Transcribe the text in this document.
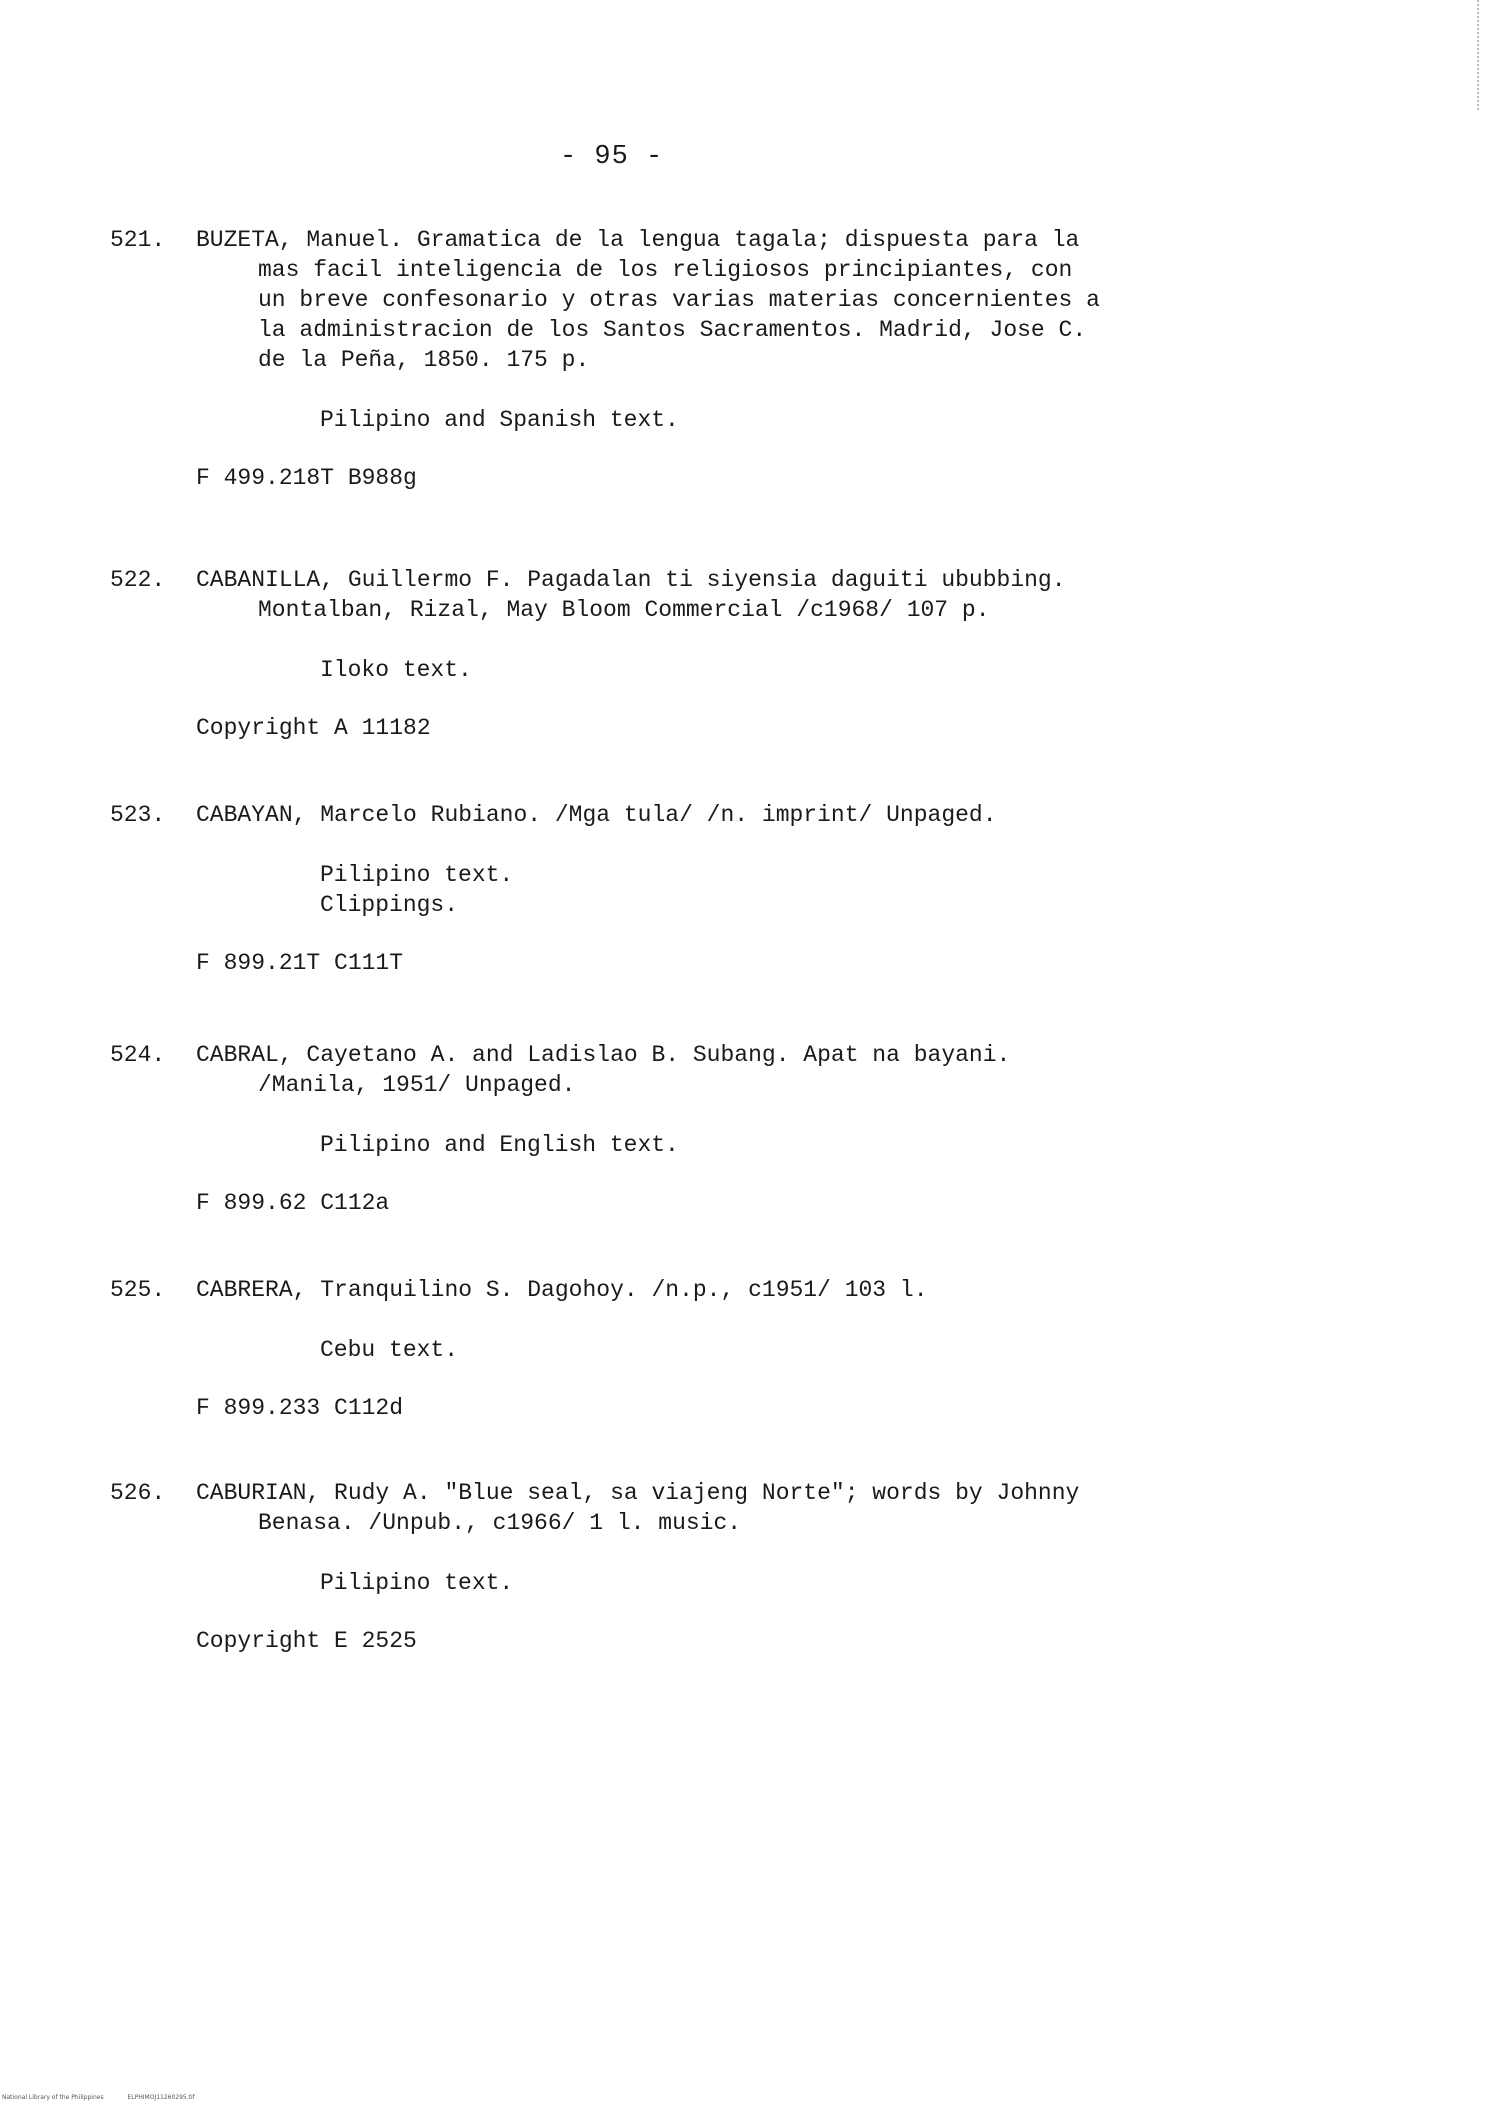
- 95 -
521.	BUZETA, Manuel. Gramatica de la lengua tagala; dispuesta para la mas facil inteligencia de los religiosos principiantes, con un breve confesonario y otras varias materias concernientes a la administracion de los Santos Sacramentos. Madrid, Jose C. de la Peña, 1850. 175 p.
Pilipino and Spanish text.
F 499.218T B988g
522.	CABANILLA, Guillermo F. Pagadalan ti siyensia daguiti ububbing. Montalban, Rizal, May Bloom Commercial /c1968/ 107 p.
Iloko text.
Copyright A 11182
523.	CABAYAN, Marcelo Rubiano. /Mga tula/ /n. imprint/ Unpaged.
Pilipino text.
Clippings.
F 899.21T C111T
524.	CABRAL, Cayetano A. and Ladislao B. Subang. Apat na bayani. /Manila, 1951/ Unpaged.
Pilipino and English text.
F 899.62 C112a
525.	CABRERA, Tranquilino S. Dagohoy. /n.p., c1951/ 103 l.
Cebu text.
F 899.233 C112d
526.	CABURIAN, Rudy A. "Blue seal, sa viajeng Norte"; words by Johnny Benasa. /Unpub., c1966/ 1 l. music.
Pilipino text.
Copyright E 2525
National Library of the Philippines	ELPHIMOJ11260295.tif
